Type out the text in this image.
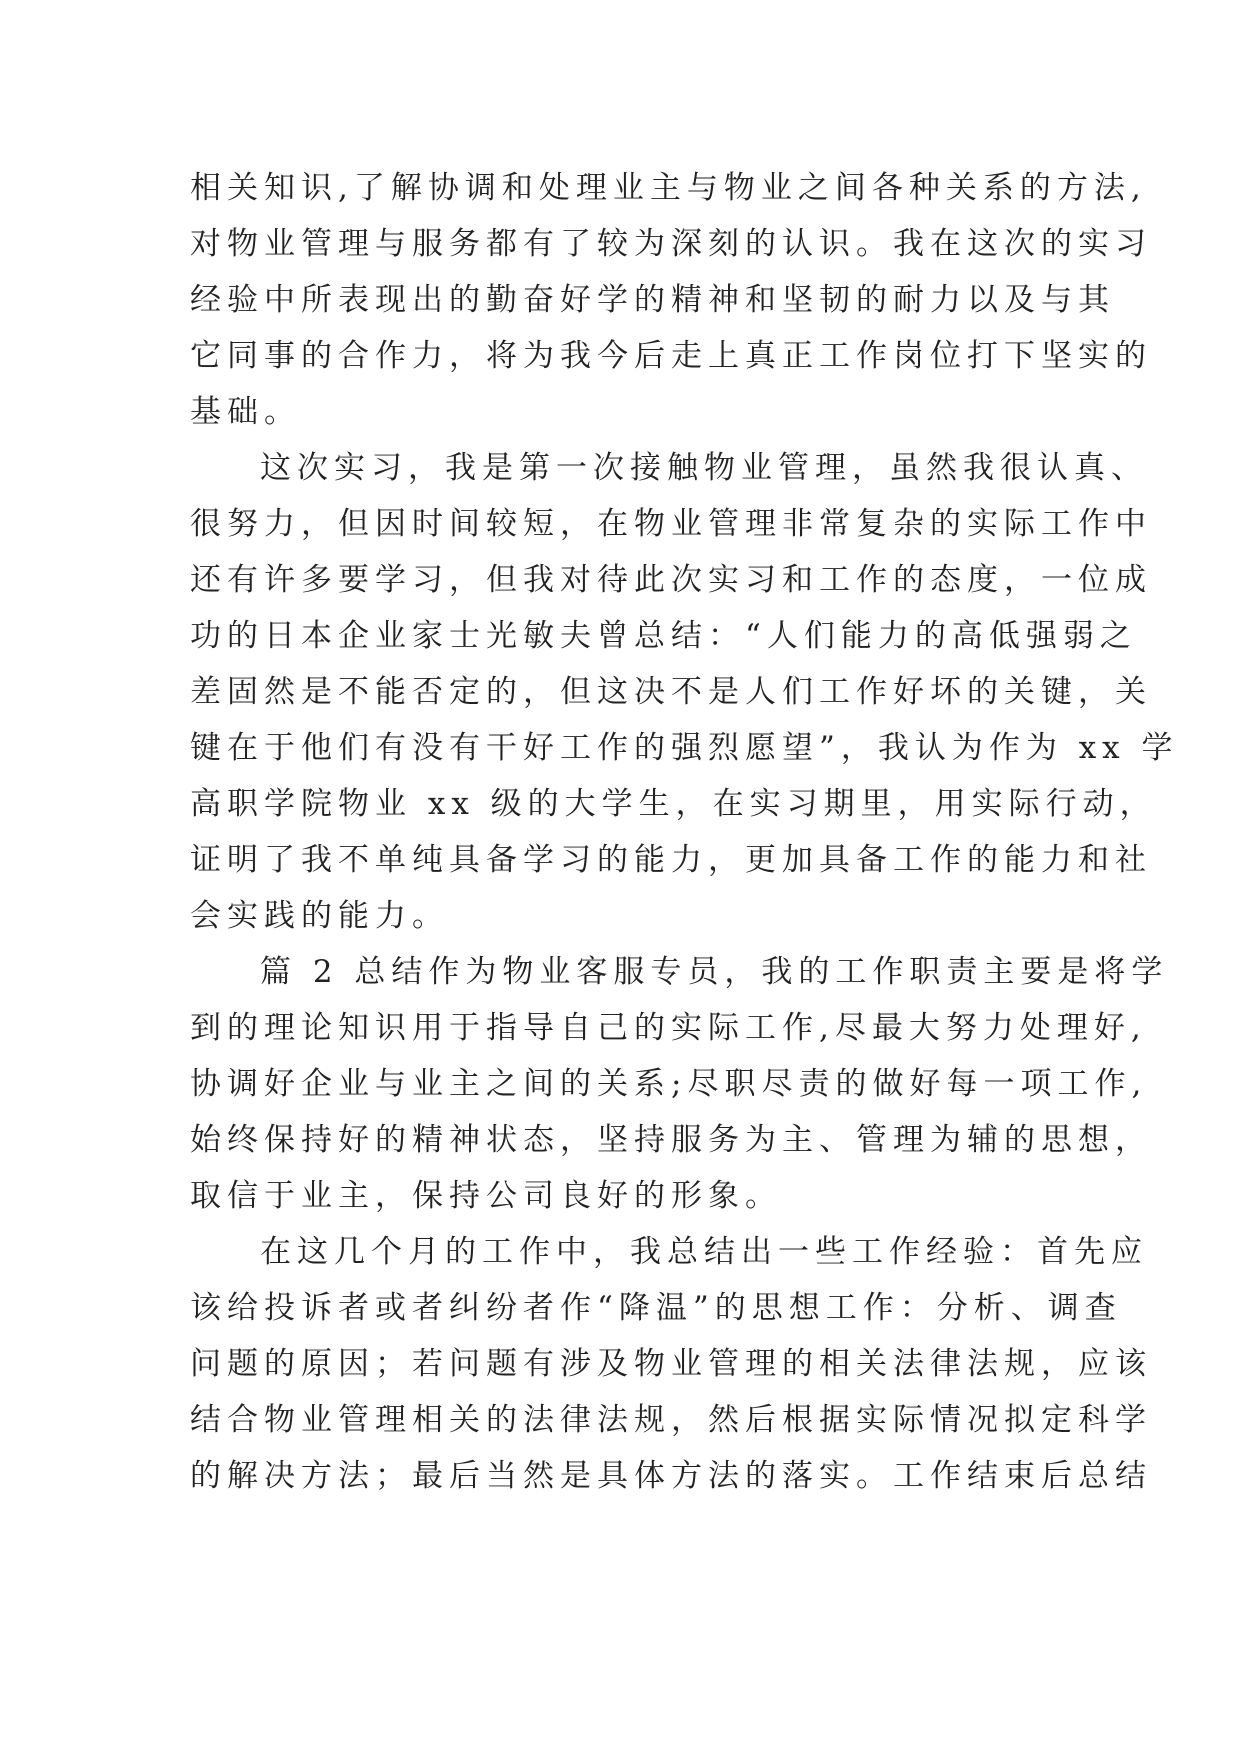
相关知识,了解协调和处理业主与物业之间各种关系的方法,
对物业管理与服务都有了较为深刻的认识。我在这次的实习
经验中所表现出的勤奋好学的精神和坚韧的耐力以及与其
它同事的合作力，将为我今后走上真正工作岗位打下坚实的
基础。
这次实习，我是第一次接触物业管理，虽然我很认真、
很努力，但因时间较短，在物业管理非常复杂的实际工作中
还有许多要学习，但我对待此次实习和工作的态度，一位成
功的日本企业家士光敏夫曾总结：“人们能力的高低强弱之
差固然是不能否定的，但这决不是人们工作好坏的关键，关
键在于他们有没有干好工作的强烈愿望”，我认为作为 xx 学
高职学院物业 xx 级的大学生，在实习期里，用实际行动，
证明了我不单纯具备学习的能力，更加具备工作的能力和社
会实践的能力。
篇 2 总结作为物业客服专员，我的工作职责主要是将学
到的理论知识用于指导自己的实际工作,尽最大努力处理好,
协调好企业与业主之间的关系;尽职尽责的做好每一项工作,
始终保持好的精神状态，坚持服务为主、管理为辅的思想，
取信于业主，保持公司良好的形象。
在这几个月的工作中，我总结出一些工作经验：首先应
该给投诉者或者纠纷者作“降温”的思想工作：分析、调查
问题的原因；若问题有涉及物业管理的相关法律法规，应该
结合物业管理相关的法律法规，然后根据实际情况拟定科学
的解决方法；最后当然是具体方法的落实。工作结束后总结
